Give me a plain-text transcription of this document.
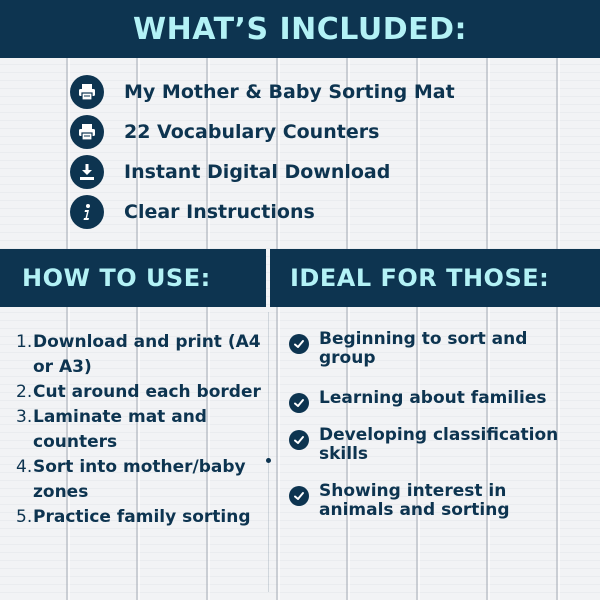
WHAT’S INCLUDED:
My Mother & Baby Sorting Mat
22 Vocabulary Counters
Instant Digital Download
Clear Instructions
HOW TO USE:	IDEAL FOR THOSE:
1. Download and print (A4 or A3)
2. Cut around each border
3. Laminate mat and counters
4. Sort into mother/baby zones
5. Practice family sorting
Beginning to sort and group
Learning about families
Developing classification skills
Showing interest in animals and sorting
